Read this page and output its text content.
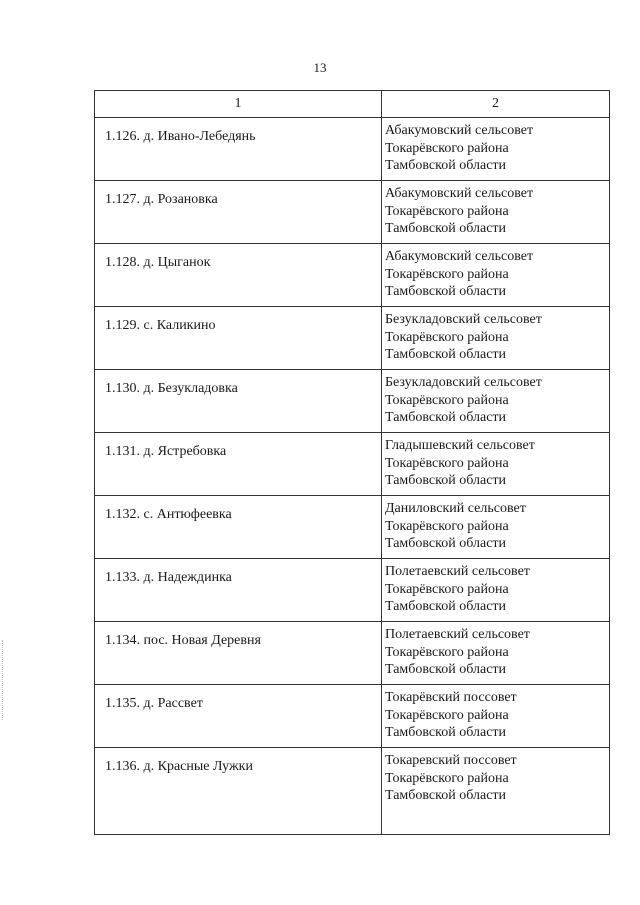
13
1	2

1.126. д. Ивано-Лебедянь	Абакумовский сельсовет
Токарёвского района
Тамбовской области

1.127. д. Розановка	Абакумовский сельсовет
Токарёвского района
Тамбовской области

1.128. д. Цыганок	Абакумовский сельсовет
Токарёвского района
Тамбовской области

1.129. с. Каликино	Безукладовский сельсовет
Токарёвского района
Тамбовской области

1.130. д. Безукладовка	Безукладовский сельсовет
Токарёвского района
Тамбовской области

1.131. д. Ястребовка	Гладышевский сельсовет
Токарёвского района
Тамбовской области

1.132. с. Антюфеевка	Даниловский сельсовет
Токарёвского района
Тамбовской области

1.133. д. Надеждинка	Полетаевский сельсовет
Токарёвского района
Тамбовской области

1.134. пос. Новая Деревня	Полетаевский сельсовет
Токарёвского района
Тамбовской области

1.135. д. Рассвет	Токарёвский поссовет
Токарёвского района
Тамбовской области

1.136. д. Красные Лужки	Токаревский поссовет
Токарёвского района
Тамбовской области
